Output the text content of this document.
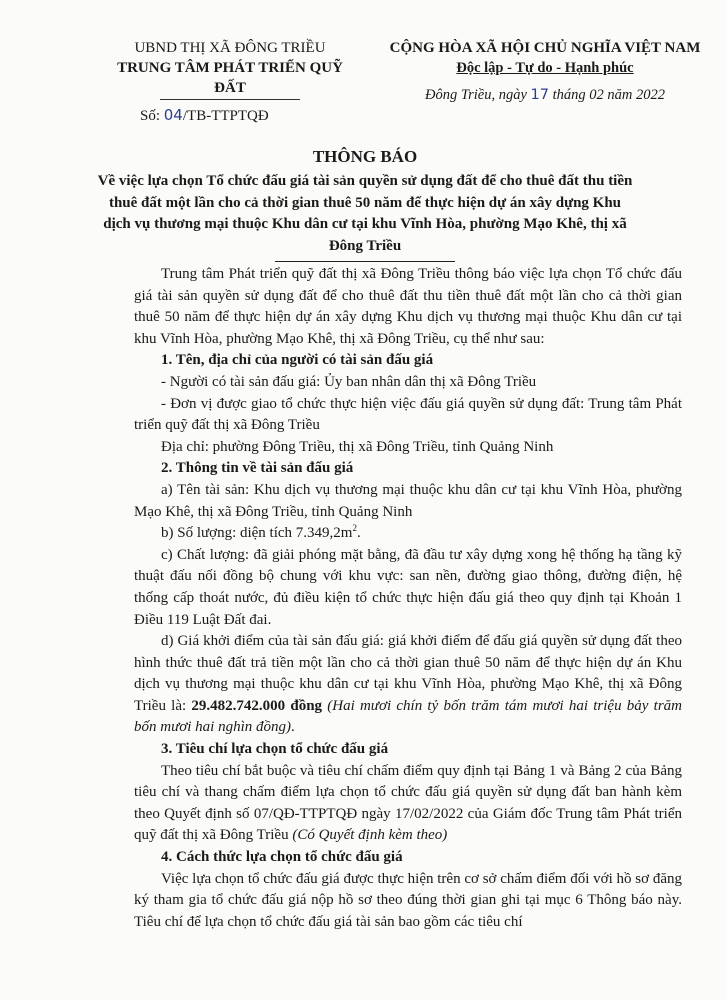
UBND THỊ XÃ ĐÔNG TRIỀU
TRUNG TÂM PHÁT TRIỂN QUỸ ĐẤT
Số: 04/TB-TTPTQĐ
CỘNG HÒA XÃ HỘI CHỦ NGHĨA VIỆT NAM
Độc lập - Tự do - Hạnh phúc
Đông Triều, ngày 17 tháng 02 năm 2022
THÔNG BÁO
Về việc lựa chọn Tổ chức đấu giá tài sản quyền sử dụng đất để cho thuê đất thu tiền thuê đất một lần cho cả thời gian thuê 50 năm để thực hiện dự án xây dựng Khu dịch vụ thương mại thuộc Khu dân cư tại khu Vĩnh Hòa, phường Mạo Khê, thị xã Đông Triều

Trung tâm Phát triển quỹ đất thị xã Đông Triều thông báo việc lựa chọn Tổ chức đấu giá tài sản quyền sử dụng đất để cho thuê đất thu tiền thuê đất một lần cho cả thời gian thuê 50 năm để thực hiện dự án xây dựng Khu dịch vụ thương mại thuộc Khu dân cư tại khu Vĩnh Hòa, phường Mạo Khê, thị xã Đông Triều, cụ thể như sau:

1. Tên, địa chỉ của người có tài sản đấu giá

- Người có tài sản đấu giá: Ủy ban nhân dân thị xã Đông Triều

- Đơn vị được giao tổ chức thực hiện việc đấu giá quyền sử dụng đất: Trung tâm Phát triển quỹ đất thị xã Đông Triều

Địa chỉ: phường Đông Triều, thị xã Đông Triều, tỉnh Quảng Ninh

2. Thông tin về tài sản đấu giá

a) Tên tài sản: Khu dịch vụ thương mại thuộc khu dân cư tại khu Vĩnh Hòa, phường Mạo Khê, thị xã Đông Triều, tỉnh Quảng Ninh

b) Số lượng: diện tích $7.349,2m^2$.

c) Chất lượng: đã giải phóng mặt bằng, đã đầu tư xây dựng xong hệ thống hạ tầng kỹ thuật đấu nối đồng bộ chung với khu vực: san nền, đường giao thông, đường điện, hệ thống cấp thoát nước, đủ điều kiện tổ chức thực hiện đấu giá theo quy định tại Khoản 1 Điều 119 Luật Đất đai.

d) Giá khởi điểm của tài sản đấu giá: giá khởi điểm để đấu giá quyền sử dụng đất theo hình thức thuê đất trả tiền một lần cho cả thời gian thuê 50 năm để thực hiện dự án Khu dịch vụ thương mại thuộc khu dân cư tại khu Vĩnh Hòa, phường Mạo Khê, thị xã Đông Triều là: 29.482.742.000 đồng (Hai mươi chín tỷ bốn trăm tám mươi hai triệu bảy trăm bốn mươi hai nghìn đồng).

3. Tiêu chí lựa chọn tổ chức đấu giá

Theo tiêu chí bắt buộc và tiêu chí chấm điểm quy định tại Bảng 1 và Bảng 2 của Bảng tiêu chí và thang chấm điểm lựa chọn tổ chức đấu giá quyền sử dụng đất ban hành kèm theo Quyết định số 07/QĐ-TTPTQĐ ngày 17/02/2022 của Giám đốc Trung tâm Phát triển quỹ đất thị xã Đông Triều (Có Quyết định kèm theo)

4. Cách thức lựa chọn tổ chức đấu giá

Việc lựa chọn tổ chức đấu giá được thực hiện trên cơ sở chấm điểm đối với hồ sơ đăng ký tham gia tổ chức đấu giá nộp hồ sơ theo đúng thời gian ghi tại mục 6 Thông báo này. Tiêu chí để lựa chọn tổ chức đấu giá tài sản bao gồm các tiêu chí
